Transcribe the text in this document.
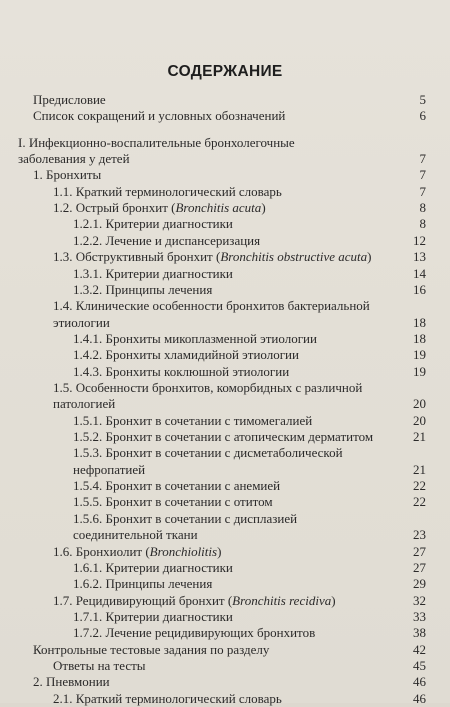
СОДЕРЖАНИЕ
Предисловие	5
Список сокращений и условных обозначений	6
I. Инфекционно-воспалительные бронхолегочные
заболевания у детей	7
1. Бронхиты	7
1.1. Краткий терминологический словарь	7
1.2. Острый бронхит (Bronchitis acuta)	8
1.2.1. Критерии диагностики	8
1.2.2. Лечение и диспансеризация	12
1.3. Обструктивный бронхит (Bronchitis obstructive acuta)	13
1.3.1. Критерии диагностики	14
1.3.2. Принципы лечения	16
1.4. Клинические особенности бронхитов бактериальной
этиологии	18
1.4.1. Бронхиты микоплазменной этиологии	18
1.4.2. Бронхиты хламидийной этиологии	19
1.4.3. Бронхиты коклюшной этиологии	19
1.5. Особенности бронхитов, коморбидных с различной
патологией	20
1.5.1. Бронхит в сочетании с тимомегалией	20
1.5.2. Бронхит в сочетании с атопическим дерматитом	21
1.5.3. Бронхит в сочетании с дисметаболической
нефропатией	21
1.5.4. Бронхит в сочетании с анемией	22
1.5.5. Бронхит в сочетании с отитом	22
1.5.6. Бронхит в сочетании с дисплазией
соединительной ткани	23
1.6. Бронхиолит (Bronchiolitis)	27
1.6.1. Критерии диагностики	27
1.6.2. Принципы лечения	29
1.7. Рецидивирующий бронхит (Bronchitis recidiva)	32
1.7.1. Критерии диагностики	33
1.7.2. Лечение рецидивирующих бронхитов	38
Контрольные тестовые задания по разделу	42
Ответы на тесты	45
2. Пневмонии	46
2.1. Краткий терминологический словарь	46
